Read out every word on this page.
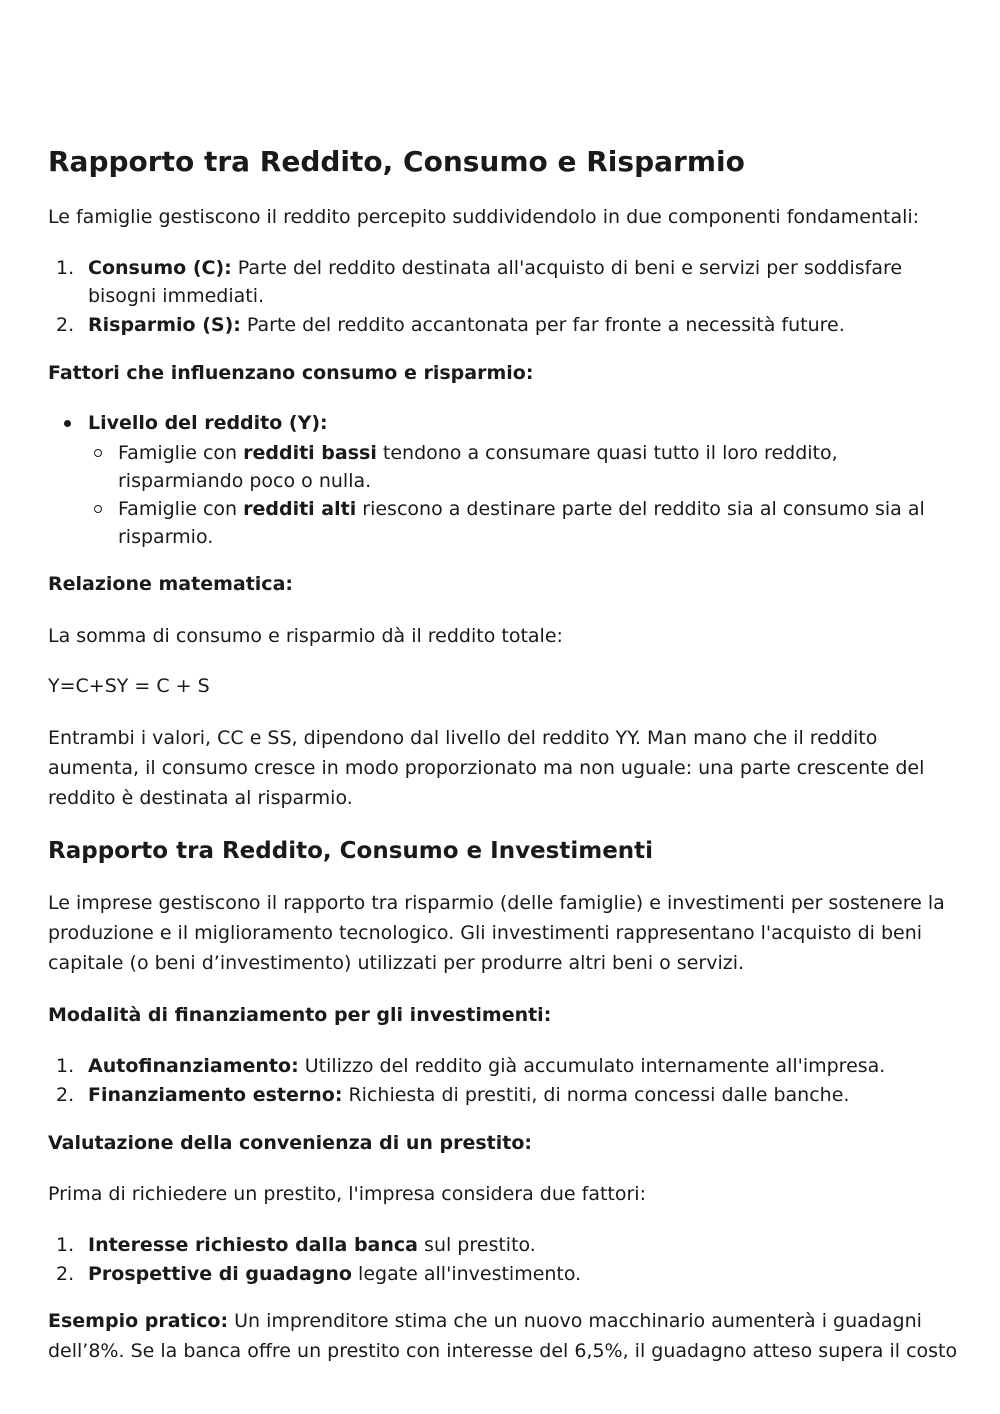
Rapporto tra Reddito, Consumo e Risparmio

Le famiglie gestiscono il reddito percepito suddividendolo in due componenti fondamentali:

1. Consumo (C): Parte del reddito destinata all'acquisto di beni e servizi per soddisfare bisogni immediati.
2. Risparmio (S): Parte del reddito accantonata per far fronte a necessità future.

Fattori che influenzano consumo e risparmio:

Livello del reddito (Y):
Famiglie con redditi bassi tendono a consumare quasi tutto il loro reddito, risparmiando poco o nulla.
Famiglie con redditi alti riescono a destinare parte del reddito sia al consumo sia al risparmio.

Relazione matematica:

La somma di consumo e risparmio dà il reddito totale:

Y=C+SY = C + S

Entrambi i valori, CC e SS, dipendono dal livello del reddito YY. Man mano che il reddito aumenta, il consumo cresce in modo proporzionato ma non uguale: una parte crescente del reddito è destinata al risparmio.

Rapporto tra Reddito, Consumo e Investimenti

Le imprese gestiscono il rapporto tra risparmio (delle famiglie) e investimenti per sostenere la produzione e il miglioramento tecnologico. Gli investimenti rappresentano l'acquisto di beni capitale (o beni d’investimento) utilizzati per produrre altri beni o servizi.

Modalità di finanziamento per gli investimenti:

1. Autofinanziamento: Utilizzo del reddito già accumulato internamente all'impresa.
2. Finanziamento esterno: Richiesta di prestiti, di norma concessi dalle banche.

Valutazione della convenienza di un prestito:

Prima di richiedere un prestito, l'impresa considera due fattori:

1. Interesse richiesto dalla banca sul prestito.
2. Prospettive di guadagno legate all'investimento.

Esempio pratico: Un imprenditore stima che un nuovo macchinario aumenterà i guadagni dell’8%. Se la banca offre un prestito con interesse del 6,5%, il guadagno atteso supera il costo
